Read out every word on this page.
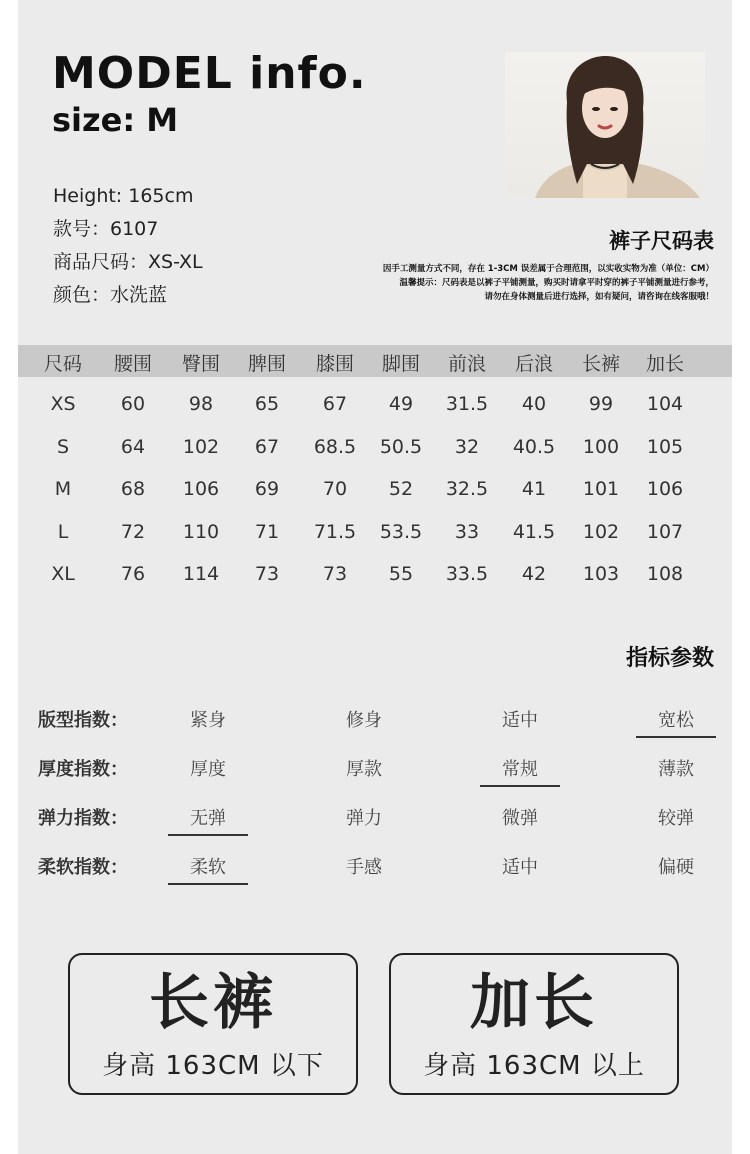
MODEL info.
size: M
Height: 165cm
款号：6107
商品尺码：XS-XL
颜色：水洗蓝
裤子尺码表
因手工测量方式不同，存在 1-3CM 误差属于合理范围，以实收实物为准（单位：CM）
温馨提示：尺码表是以裤子平铺测量，购买时请拿平时穿的裤子平铺测量进行参考，
请勿在身体测量后进行选择，如有疑问，请咨询在线客服哦！
尺码	腰围	臀围	脾围	膝围	脚围	前浪	后浪	长裤	加长
XS	60	98	65	67	49	31.5	40	99	104
S	64	102	67	68.5	50.5	32	40.5	100	105
M	68	106	69	70	52	32.5	41	101	106
L	72	110	71	71.5	53.5	33	41.5	102	107
XL	76	114	73	73	55	33.5	42	103	108
指标参数
版型指数：	紧身	修身	适中	宽松
厚度指数：	厚度	厚款	常规	薄款
弹力指数：	无弹	弹力	微弹	较弹
柔软指数：	柔软	手感	适中	偏硬
长裤
身高 163CM 以下
加长
身高 163CM 以上
